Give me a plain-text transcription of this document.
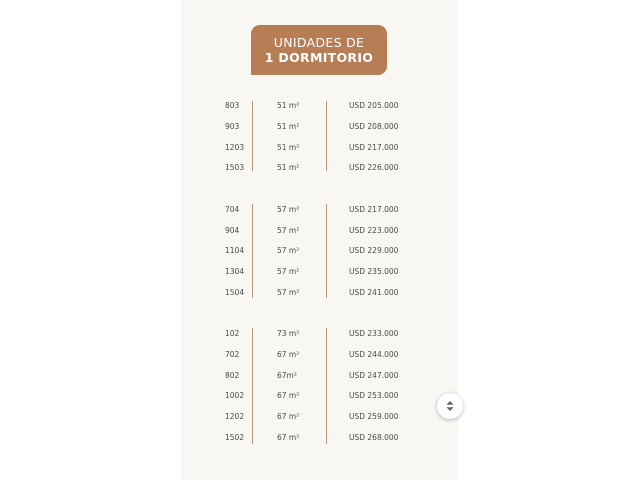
UNIDADES DE
1 DORMITORIO
803	51 m²	USD 205.000
903	51 m²	USD 208.000
1203	51 m²	USD 217.000
1503	51 m²	USD 226.000
704	57 m²	USD 217.000
904	57 m²	USD 223.000
1104	57 m²	USD 229.000
1304	57 m²	USD 235.000
1504	57 m²	USD 241.000
102	73 m²	USD 233.000
702	67 m²	USD 244.000
802	67m²	USD 247.000
1002	67 m²	USD 253.000
1202	67 m²	USD 259.000
1502	67 m²	USD 268.000
